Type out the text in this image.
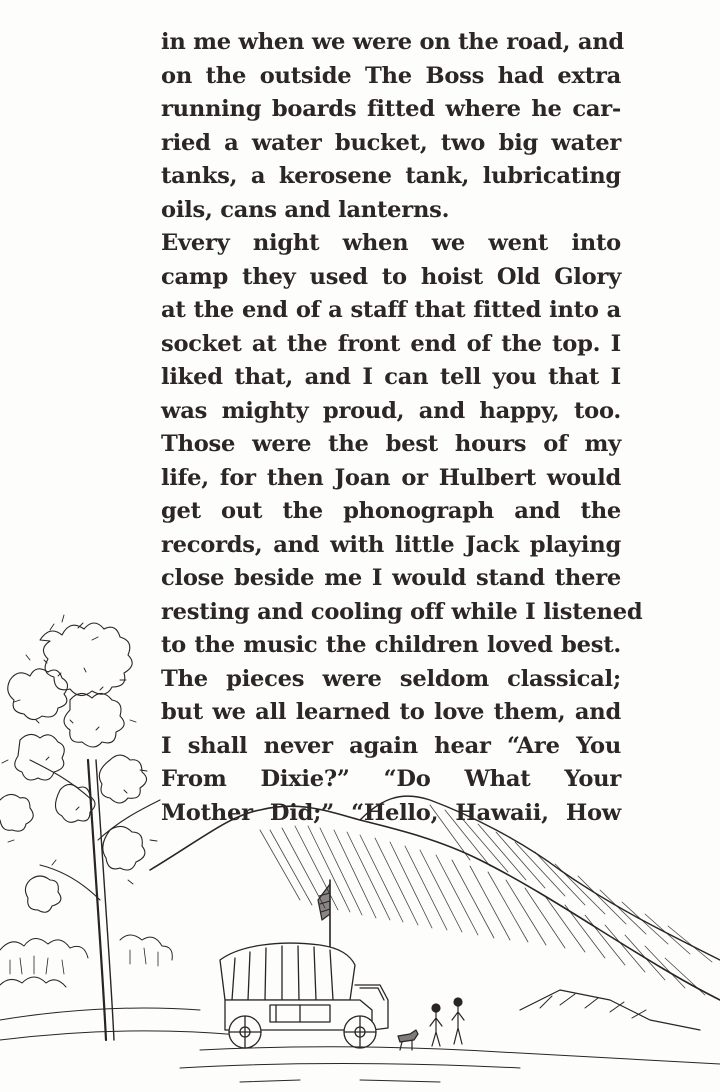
in me when we were on the road, and
on the outside The Boss had extra
running boards fitted where he car-
ried a water bucket, two big water
tanks, a kerosene tank, lubricating
oils, cans and lanterns.
Every night when we went into
camp they used to hoist Old Glory
at the end of a staff that fitted into a
socket at the front end of the top. I
liked that, and I can tell you that I
was mighty proud, and happy, too.
Those were the best hours of my
life, for then Joan or Hulbert would
get out the phonograph and the
records, and with little Jack playing
close beside me I would stand there
resting and cooling off while I listened
to the music the children loved best.
The pieces were seldom classical;
but we all learned to love them, and
I shall never again hear “Are You
From Dixie?” “Do What Your
Mother Did;” “Hello, Hawaii, How
